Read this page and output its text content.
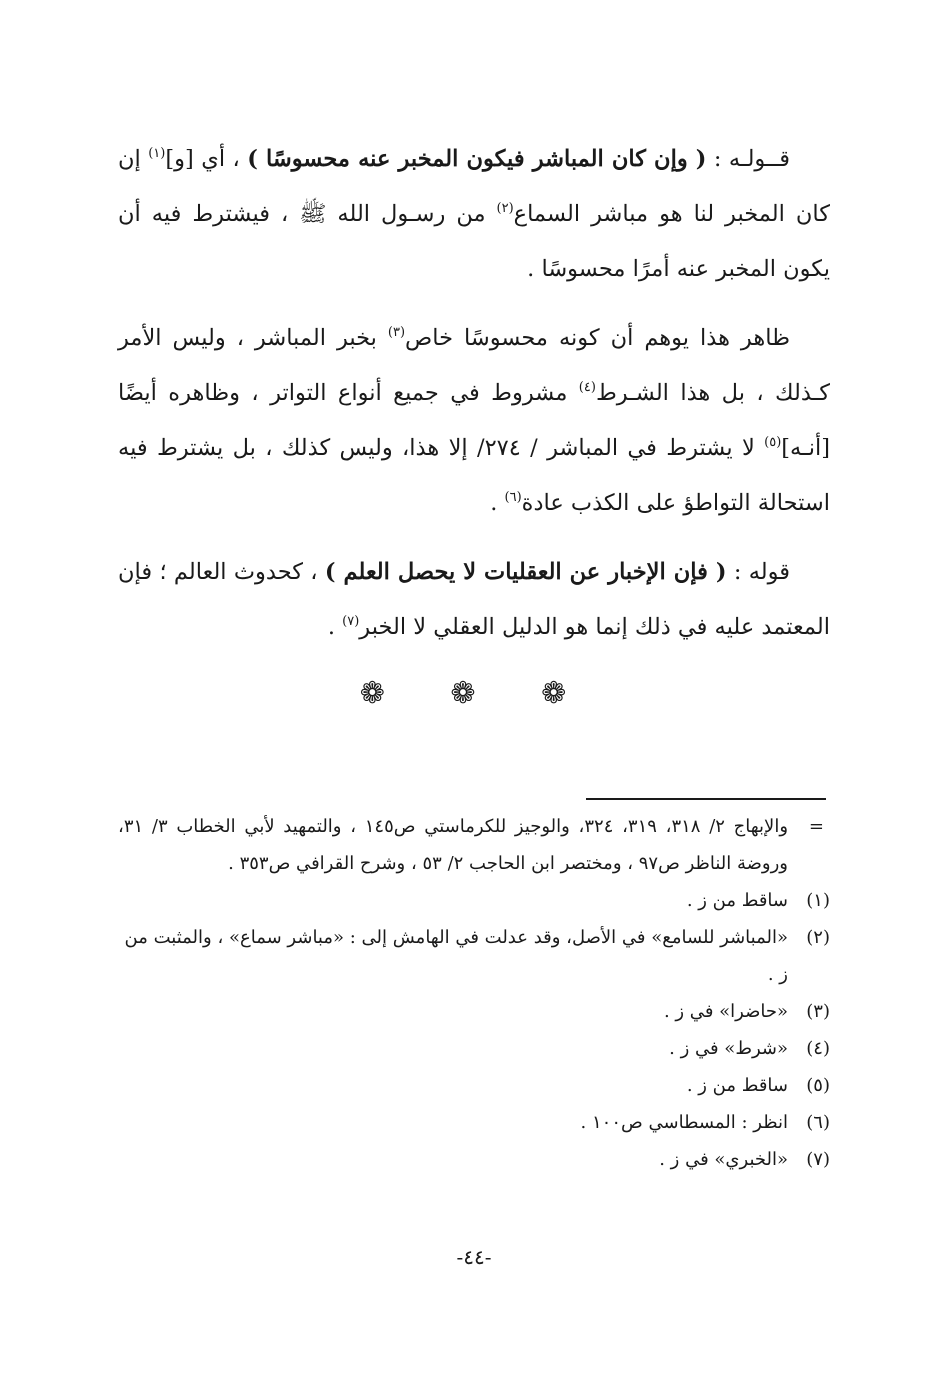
قــولـه : ( وإن كان المباشر فيكون المخبر عنه محسوسًا ) ، أي [و]$^{(١)}$ إن كان المخبر لنا هو مباشر السماع$^{(٢)}$ من رسـول الله ﷺ ، فيشترط فيه أن يكون المخبر عنه أمرًا محسوسًا .

ظاهر هذا يوهم أن كونه محسوسًا خاص$^{(٣)}$ بخبر المباشر ، وليس الأمر كـذلك ، بل هذا الشـرط$^{(٤)}$ مشروط في جميع أنواع التواتر ، وظاهره أيضًا [أنـه]$^{(٥)}$ لا يشترط في المباشر / ٢٧٤/ إلا هذا، وليس كذلك ، بل يشترط فيه استحالة التواطؤ على الكذب عادة$^{(٦)}$ .

قوله : ( فإن الإخبار عن العقليات لا يحصل العلم ) ، كحدوث العالم ؛ فإن المعتمد عليه في ذلك إنما هو الدليل العقلي لا الخبر$^{(٧)}$ .

❁ ❁ ❁
=
والإبهاج ٢/ ٣١٨، ٣١٩، ٣٢٤، والوجيز للكرماستي ص١٤٥ ، والتمهيد لأبي الخطاب ٣/ ٣١، وروضة الناظر ص٩٧ ، ومختصر ابن الحاجب ٢/ ٥٣ ، وشرح القرافي ص٣٥٣ .
(١)
ساقط من ز .
(٢)
«المباشر للسامع» في الأصل، وقد عدلت في الهامش إلى : «مباشر سماع» ، والمثبت من ز .
(٣)
«حاضرا» في ز .
(٤)
«شرط» في ز .
(٥)
ساقط من ز .
(٦)
انظر : المسطاسي ص١٠٠ .
(٧)
«الخبري» في ز .
-٤٤-
